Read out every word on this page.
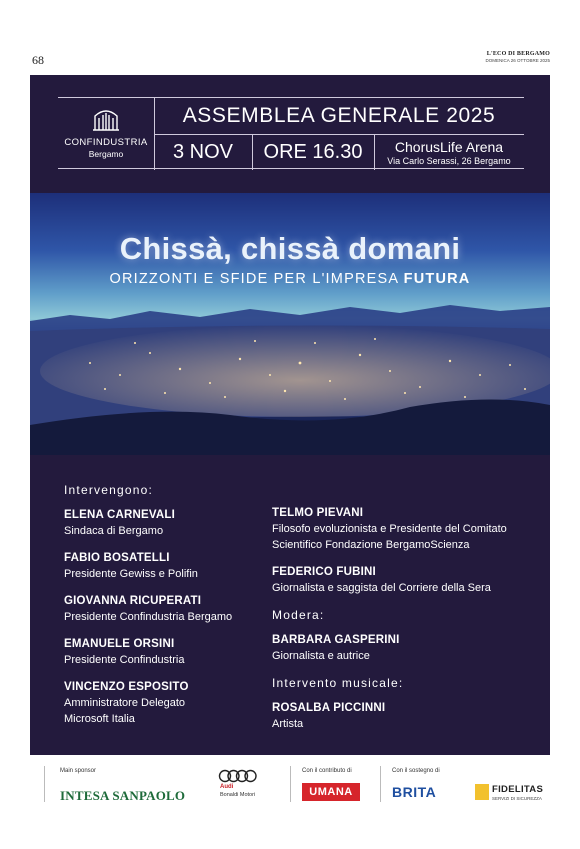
68	L'ECO DI BERGAMO
DOMENICA 26 OTTOBRE 2025
CONFINDUSTRIA
Bergamo
ASSEMBLEA GENERALE 2025
3 NOV	ORE 16.30	ChorusLife Arena
Via Carlo Serassi, 26 Bergamo
Chissà, chissà domani
ORIZZONTI E SFIDE PER L'IMPRESA FUTURA
Intervengono:
ELENA CARNEVALI
Sindaca di Bergamo
FABIO BOSATELLI
Presidente Gewiss e Polifin
GIOVANNA RICUPERATI
Presidente Confindustria Bergamo
EMANUELE ORSINI
Presidente Confindustria
VINCENZO ESPOSITO
Amministratore Delegato
Microsoft Italia
TELMO PIEVANI
Filosofo evoluzionista e Presidente del Comitato
Scientifico Fondazione BergamoScienza
FEDERICO FUBINI
Giornalista e saggista del Corriere della Sera
Modera:
BARBARA GASPERINI
Giornalista e autrice
Intervento musicale:
ROSALBA PICCINNI
Artista
Main sponsor
INTESA SANPAOLO
Audi
Bonaldi Motori
Con il contributo di
UMANA
Con il sostegno di
BRITA	FIDELITAS
SERVIZI DI SICUREZZA
